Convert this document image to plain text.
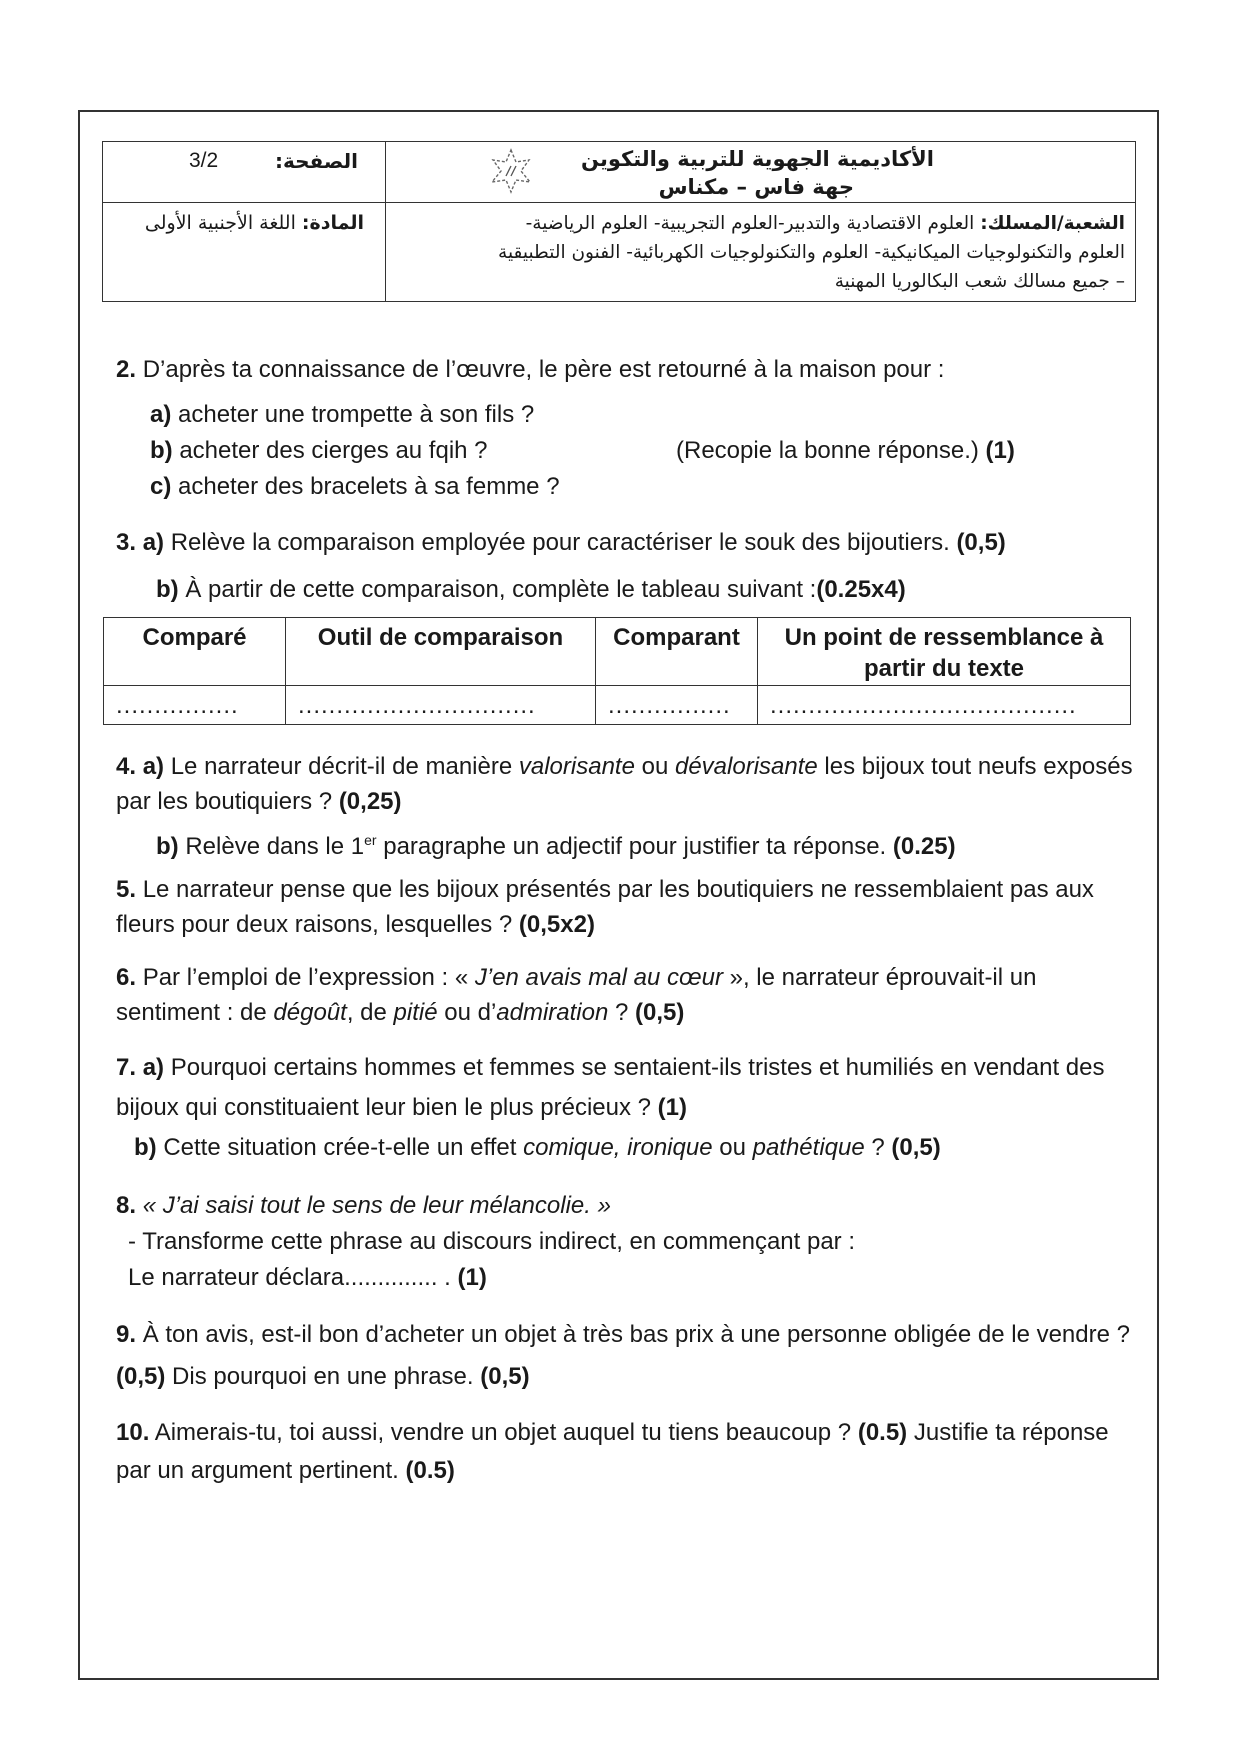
3/2 الصفحة:	الأكاديمية الجهوية للتربية والتكوين
جهة فاس – مكناس

المادة: اللغة الأجنبية الأولى	الشعبة/المسلك: العلوم الاقتصادية والتدبير-العلوم التجريبية- العلوم الرياضية-
العلوم والتكنولوجيات الميكانيكية- العلوم والتكنولوجيات الكهربائية- الفنون التطبيقية
– جميع مسالك شعب البكالوريا المهنية

2. D’après ta connaissance de l’œuvre, le père est retourné à la maison pour :

a) acheter une trompette à son fils ?
b) acheter des cierges au fqih ?
c) acheter des bracelets à sa femme ?
(Recopie la bonne réponse.) (1)

3. a) Relève la comparaison employée pour caractériser le souk des bijoutiers. (0,5)

b) À partir de cette comparaison, complète le tableau suivant :(0.25x4)

Comparé	Outil de comparaison	Comparant	Un point de ressemblance à partir du texte
................	...............................	................	........................................

4. a) Le narrateur décrit-il de manière valorisante ou dévalorisante les bijoux tout neufs exposés par les boutiquiers ? (0,25)

b) Relève dans le 1er paragraphe un adjectif pour justifier ta réponse. (0.25)

5. Le narrateur pense que les bijoux présentés par les boutiquiers ne ressemblaient pas aux fleurs pour deux raisons, lesquelles ? (0,5x2)

6. Par l’emploi de l’expression : « J’en avais mal au cœur », le narrateur éprouvait-il un sentiment : de dégoût, de pitié ou d’admiration ? (0,5)

7. a) Pourquoi certains hommes et femmes se sentaient-ils tristes et humiliés en vendant des bijoux qui constituaient leur bien le plus précieux ? (1)

b) Cette situation crée-t-elle un effet comique, ironique ou pathétique ? (0,5)

8. « J’ai saisi tout le sens de leur mélancolie. »

- Transforme cette phrase au discours indirect, en commençant par :

Le narrateur déclara.............. . (1)

9. À ton avis, est-il bon d’acheter un objet à très bas prix à une personne obligée de le vendre ? (0,5) Dis pourquoi en une phrase. (0,5)

10. Aimerais-tu, toi aussi, vendre un objet auquel tu tiens beaucoup ? (0.5) Justifie ta réponse par un argument pertinent. (0.5)
